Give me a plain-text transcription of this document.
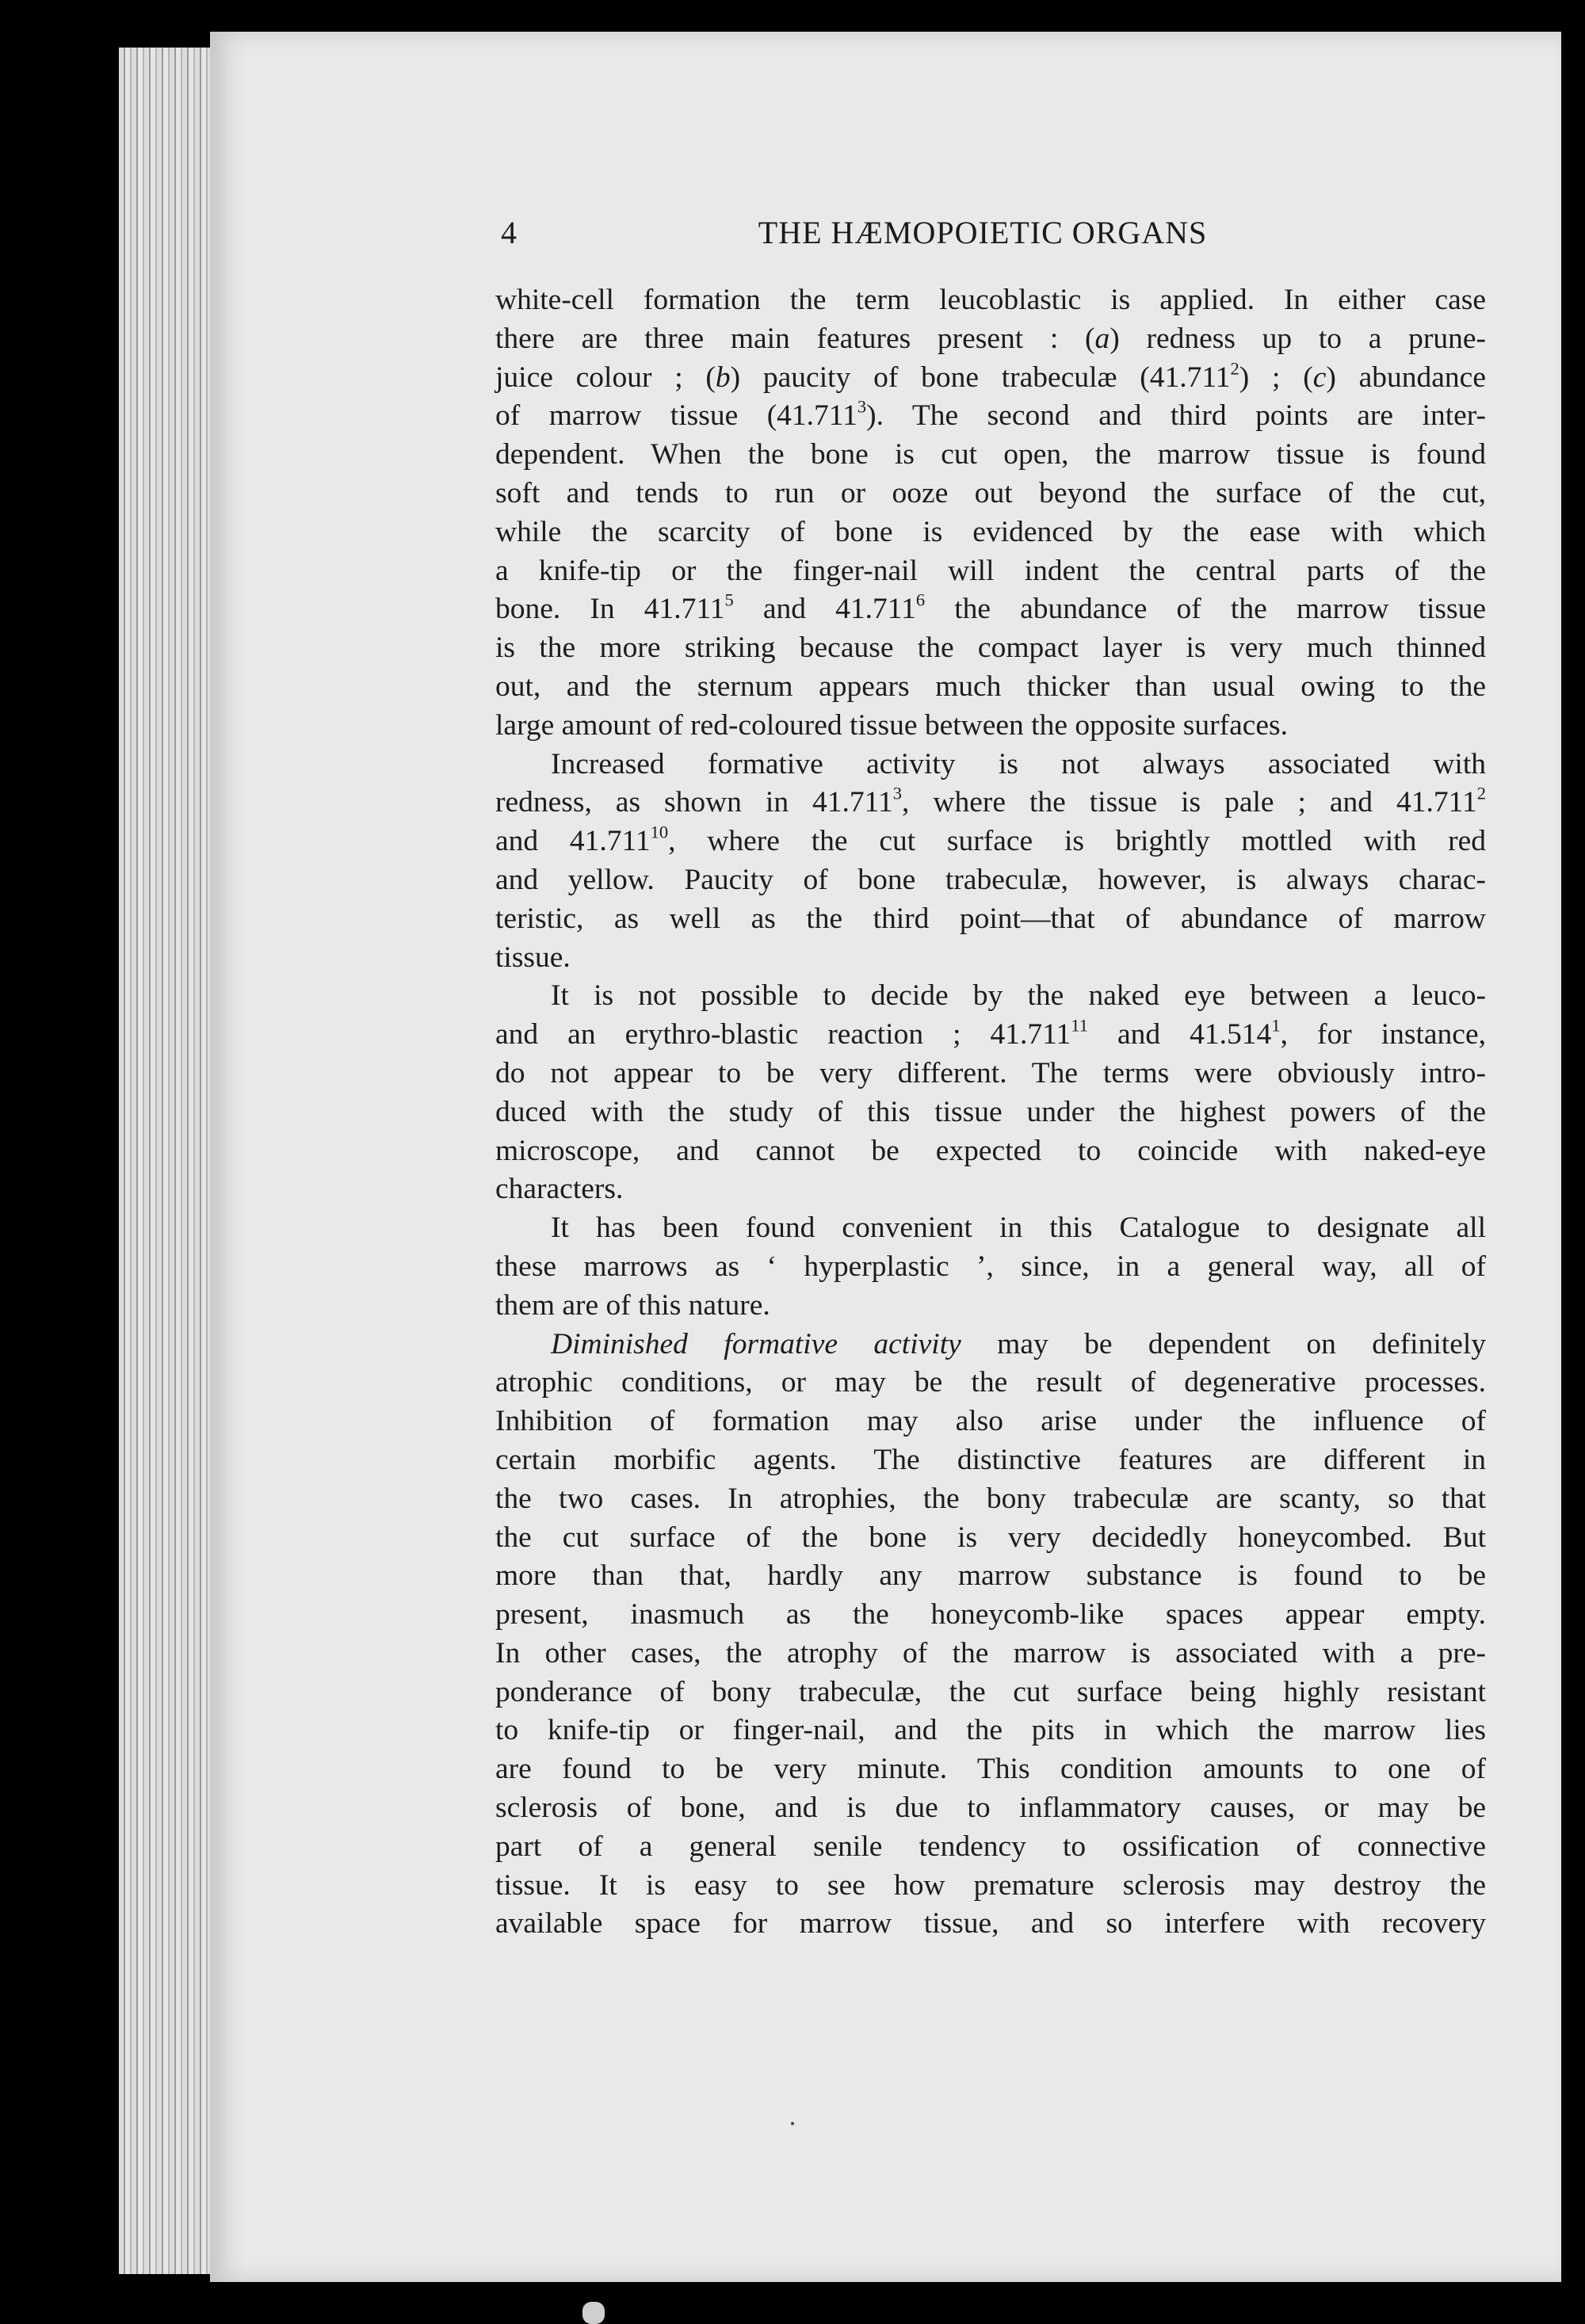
4	THE HÆMOPOIETIC ORGANS
white-cell formation the term leucoblastic is applied. In either case
there are three main features present : (a) redness up to a prune-
juice colour ; (b) paucity of bone trabeculæ (41.711$^2$) ; (c) abundance
of marrow tissue (41.711$^3$). The second and third points are inter-
dependent. When the bone is cut open, the marrow tissue is found
soft and tends to run or ooze out beyond the surface of the cut,
while the scarcity of bone is evidenced by the ease with which
a knife-tip or the finger-nail will indent the central parts of the
bone. In 41.711$^5$ and 41.711$^6$ the abundance of the marrow tissue
is the more striking because the compact layer is very much thinned
out, and the sternum appears much thicker than usual owing to the
large amount of red-coloured tissue between the opposite surfaces.
Increased formative activity is not always associated with
redness, as shown in 41.711$^3$, where the tissue is pale ; and 41.711$^2$
and 41.711$^{10}$, where the cut surface is brightly mottled with red
and yellow. Paucity of bone trabeculæ, however, is always charac-
teristic, as well as the third point—that of abundance of marrow
tissue.
It is not possible to decide by the naked eye between a leuco-
and an erythro-blastic reaction ; 41.711$^{11}$ and 41.514$^1$, for instance,
do not appear to be very different. The terms were obviously intro-
duced with the study of this tissue under the highest powers of the
microscope, and cannot be expected to coincide with naked-eye
characters.
It has been found convenient in this Catalogue to designate all
these marrows as ‘ hyperplastic ’, since, in a general way, all of
them are of this nature.
Diminished formative activity may be dependent on definitely
atrophic conditions, or may be the result of degenerative processes.
Inhibition of formation may also arise under the influence of
certain morbific agents. The distinctive features are different in
the two cases. In atrophies, the bony trabeculæ are scanty, so that
the cut surface of the bone is very decidedly honeycombed. But
more than that, hardly any marrow substance is found to be
present, inasmuch as the honeycomb-like spaces appear empty.
In other cases, the atrophy of the marrow is associated with a pre-
ponderance of bony trabeculæ, the cut surface being highly resistant
to knife-tip or finger-nail, and the pits in which the marrow lies
are found to be very minute. This condition amounts to one of
sclerosis of bone, and is due to inflammatory causes, or may be
part of a general senile tendency to ossification of connective
tissue. It is easy to see how premature sclerosis may destroy the
available space for marrow tissue, and so interfere with recovery
